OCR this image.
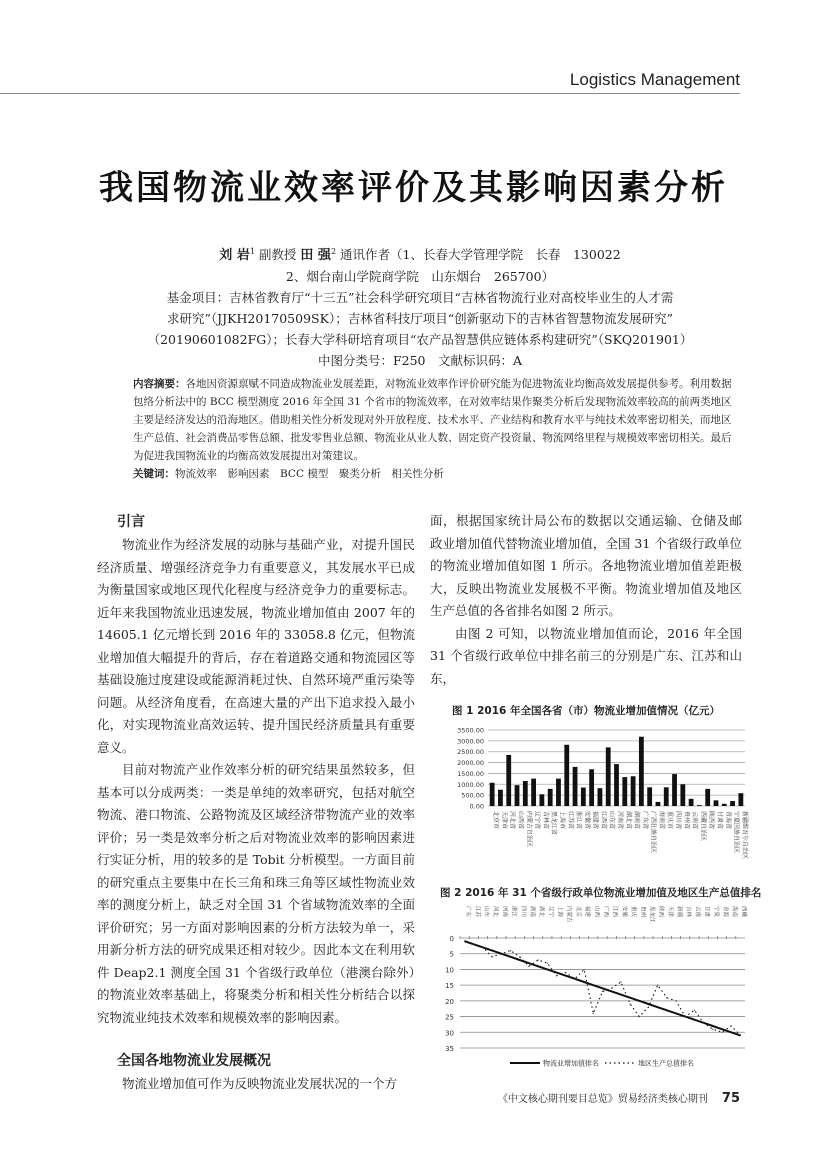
Logistics Management
我国物流业效率评价及其影响因素分析
刘 岩$^1$ 副教授 田 强$^2$ 通讯作者（1、长春大学管理学院　长春　130022
2、烟台南山学院商学院　山东烟台　265700）
基金项目：吉林省教育厅“十三五”社会科学研究项目“吉林省物流行业对高校毕业生的人才需
求研究”（JJKH20170509SK）；吉林省科技厅项目“创新驱动下的吉林省智慧物流发展研究”
（20190601082FG）；长春大学科研培育项目“农产品智慧供应链体系构建研究”（SKQ201901）
中图分类号：F250　文献标识码：A
内容摘要：各地因资源禀赋不同造成物流业发展差距，对物流业效率作评价研究能为促进物流业均衡高效发展提供参考。利用数据包络分析法中的 BCC 模型测度 2016 年全国 31 个省市的物流效率，在对效率结果作聚类分析后发现物流效率较高的前两类地区主要是经济发达的沿海地区。借助相关性分析发现对外开放程度、技术水平、产业结构和教育水平与纯技术效率密切相关，而地区生产总值、社会消费品零售总额、批发零售业总额、物流业从业人数、固定资产投资量、物流网络里程与规模效率密切相关。最后为促进我国物流业的均衡高效发展提出对策建议。
关键词：物流效率　影响因素　BCC 模型　聚类分析　相关性分析
引言

物流业作为经济发展的动脉与基础产业，对提升国民经济质量、增强经济竞争力有重要意义，其发展水平已成为衡量国家或地区现代化程度与经济竞争力的重要标志。近年来我国物流业迅速发展，物流业增加值由 2007 年的 14605.1 亿元增长到 2016 年的 33058.8 亿元，但物流业增加值大幅提升的背后，存在着道路交通和物流园区等基础设施过度建设或能源消耗过快、自然环境严重污染等问题。从经济角度看，在高速大量的产出下追求投入最小化，对实现物流业高效运转、提升国民经济质量具有重要意义。

目前对物流产业作效率分析的研究结果虽然较多，但基本可以分成两类：一类是单纯的效率研究，包括对航空物流、港口物流、公路物流及区域经济带物流产业的效率评价；另一类是效率分析之后对物流业效率的影响因素进行实证分析，用的较多的是 Tobit 分析模型。一方面目前的研究重点主要集中在长三角和珠三角等区域性物流业效率的测度分析上，缺乏对全国 31 个省域物流效率的全面评价研究；另一方面对影响因素的分析方法较为单一，采用新分析方法的研究成果还相对较少。因此本文在利用软件 Deap2.1 测度全国 31 个省级行政单位（港澳台除外）的物流业效率基础上，将聚类分析和相关性分析结合以探究物流业纯技术效率和规模效率的影响因素。

全国各地物流业发展概况

物流业增加值可作为反映物流业发展状况的一个方

面，根据国家统计局公布的数据以交通运输、仓储及邮政业增加值代替物流业增加值，全国 31 个省级行政单位的物流业增加值如图 1 所示。各地物流业增加值差距极大，反映出物流业发展极不平衡。物流业增加值及地区生产总值的各省排名如图 2 所示。

由图 2 可知，以物流业增加值而论，2016 年全国 31 个省级行政单位中排名前三的分别是广东、江苏和山东，

图 1 2016 年全国各省（市）物流业增加值情况（亿元）
0.00
500.00
1000.00
1500.00
2000.00
2500.00
3000.00
3500.00
北京市 天津市 河北省 山西省 内蒙古自治区 辽宁省 吉林省 黑龙江省 上海市 江苏省 浙江省 安徽省 福建省 江西省 山东省 河南省 湖北省 湖南省 广东省 广西壮族自治区 海南省 重庆市 四川省 贵州省 云南省 西藏自治区 陕西省 甘肃省 青海省 宁夏回族自治区 新疆维吾尔自治区
图 2 2016 年 31 个省级行政单位物流业增加值及地区生产总值排名
0
5
10
15
20
25
30
35
广东 江苏 山东 河北 河南 浙江 四川 湖南 湖北 辽宁 上海 内蒙古 北京 福建 山西 广西 江西 安徽 重庆 贵州 黑龙江 陕西 天津 新疆 吉林 云南 甘肃 宁夏 青海 海南 西藏
物流业增加值排名	地区生产总值排名
《中文核心期刊要目总览》贸易经济类核心期刊 75
